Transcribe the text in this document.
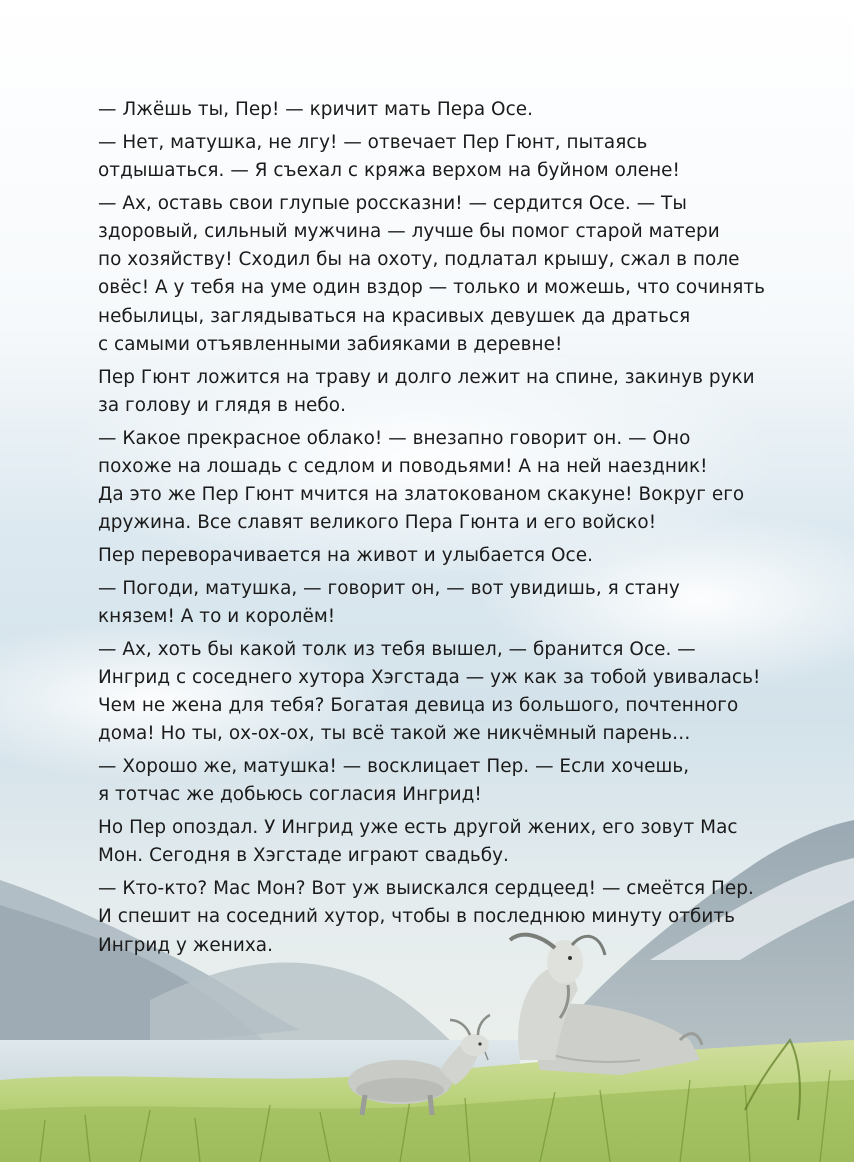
— Лжёшь ты, Пер! — кричит мать Пера Осе.

— Нет, матушка, не лгу! — отвечает Пер Гюнт, пытаясь
отдышаться. — Я съехал с кряжа верхом на буйном олене!

— Ах, оставь свои глупые россказни! — сердится Осе. — Ты
здоровый, сильный мужчина — лучше бы помог старой матери
по хозяйству! Сходил бы на охоту, подлатал крышу, сжал в поле
овёс! А у тебя на уме один вздор — только и можешь, что сочинять
небылицы, заглядываться на красивых девушек да драться
с самыми отъявленными забияками в деревне!

Пер Гюнт ложится на траву и долго лежит на спине, закинув руки
за голову и глядя в небо.

— Какое прекрасное облако! — внезапно говорит он. — Оно
похоже на лошадь с седлом и поводьями! А на ней наездник!
Да это же Пер Гюнт мчится на златокованом скакуне! Вокруг его
дружина. Все славят великого Пера Гюнта и его войско!

Пер переворачивается на живот и улыбается Осе.

— Погоди, матушка, — говорит он, — вот увидишь, я стану
князем! А то и королём!

— Ах, хоть бы какой толк из тебя вышел, — бранится Осе. —
Ингрид с соседнего хутора Хэгстада — уж как за тобой увивалась!
Чем не жена для тебя? Богатая девица из большого, почтенного
дома! Но ты, ох-ох-ох, ты всё такой же никчёмный парень…

— Хорошо же, матушка! — восклицает Пер. — Если хочешь,
я тотчас же добьюсь согласия Ингрид!

Но Пер опоздал. У Ингрид уже есть другой жених, его зовут Мас
Мон. Сегодня в Хэгстаде играют свадьбу.

— Кто-кто? Мас Мон? Вот уж выискался сердцеед! — смеётся Пер.
И спешит на соседний хутор, чтобы в последнюю минуту отбить
Ингрид у жениха.
